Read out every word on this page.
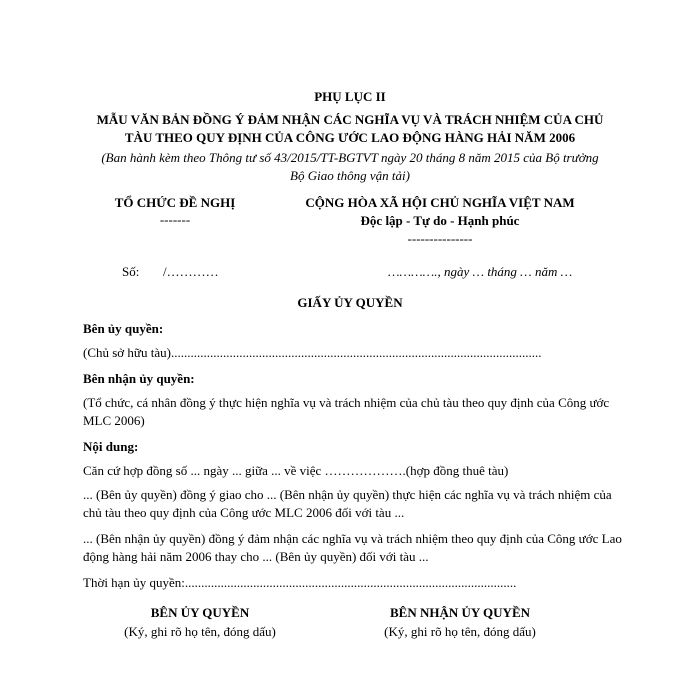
PHỤ LỤC II
MẪU VĂN BẢN ĐỒNG Ý ĐẢM NHẬN CÁC NGHĨA VỤ VÀ TRÁCH NHIỆM CỦA CHỦ
TÀU THEO QUY ĐỊNH CỦA CÔNG ƯỚC LAO ĐỘNG HÀNG HẢI NĂM 2006
(Ban hành kèm theo Thông tư số 43/2015/TT-BGTVT ngày 20 tháng 8 năm 2015 của Bộ trưởng
Bộ Giao thông vận tải)
TỔ CHỨC ĐỀ NGHỊ
-------
CỘNG HÒA XÃ HỘI CHỦ NGHĨA VIỆT NAM
Độc lập - Tự do - Hạnh phúc
---------------
Số: /…………	…………., ngày … tháng … năm …
GIẤY ỦY QUYỀN
Bên ủy quyền:
(Chủ sở hữu tàu)..................................................................................................................
Bên nhận ủy quyền:
(Tổ chức, cá nhân đồng ý thực hiện nghĩa vụ và trách nhiệm của chủ tàu theo quy định của Công ước MLC 2006)
Nội dung:
Căn cứ hợp đồng số ... ngày ... giữa ... về việc ……………….(hợp đồng thuê tàu)
... (Bên ủy quyền) đồng ý giao cho ... (Bên nhận ủy quyền) thực hiện các nghĩa vụ và trách nhiệm của chủ tàu theo quy định của Công ước MLC 2006 đối với tàu ...
... (Bên nhận ủy quyền) đồng ý đảm nhận các nghĩa vụ và trách nhiệm theo quy định của Công ước Lao động hàng hải năm 2006 thay cho ... (Bên ủy quyền) đối với tàu ...
Thời hạn ủy quyền:......................................................................................................
BÊN ỦY QUYỀN
(Ký, ghi rõ họ tên, đóng dấu)
BÊN NHẬN ỦY QUYỀN
(Ký, ghi rõ họ tên, đóng dấu)
